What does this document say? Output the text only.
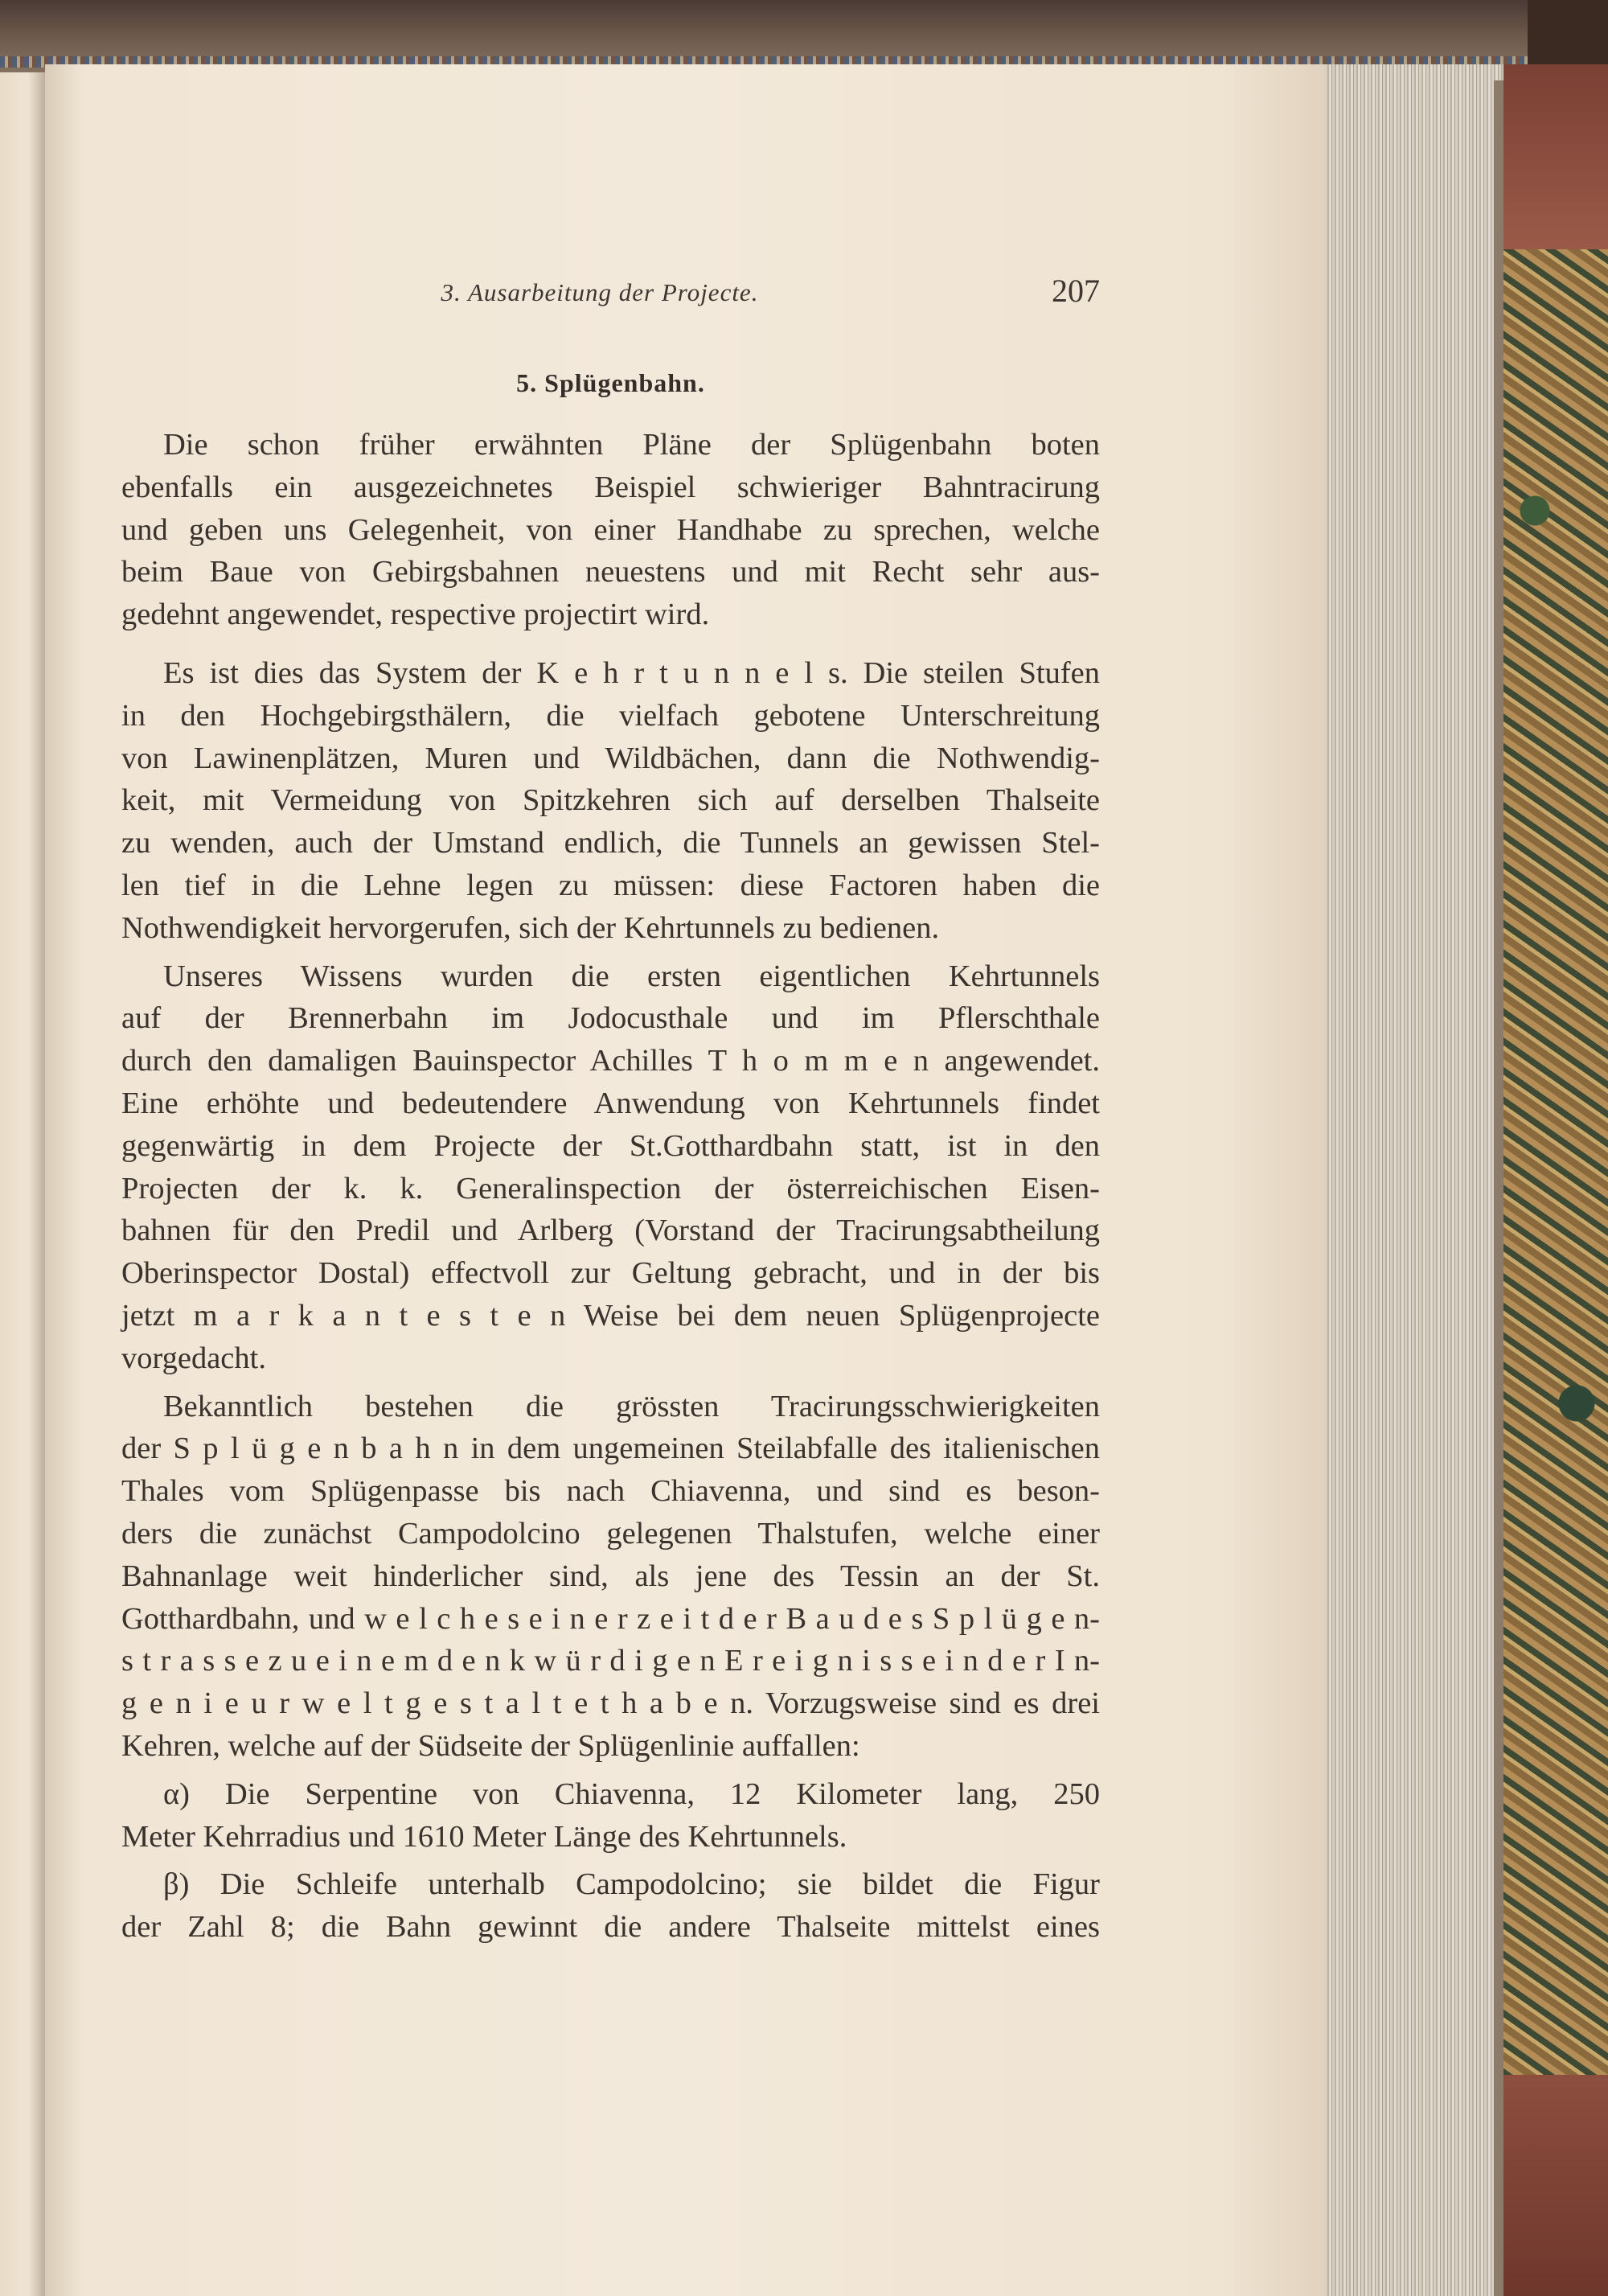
3. Ausarbeitung der Projecte.	207
5. Splügenbahn.
Die schon früher erwähnten Pläne der Splügenbahn boten
ebenfalls ein ausgezeichnetes Beispiel schwieriger Bahntracirung
und geben uns Gelegenheit, von einer Handhabe zu sprechen, welche
beim Baue von Gebirgsbahnen neuestens und mit Recht sehr aus-
gedehnt angewendet, respective projectirt wird.
Es ist dies das System der K e h r t u n n e l s. Die steilen Stufen
in den Hochgebirgsthälern, die vielfach gebotene Unterschreitung
von Lawinenplätzen, Muren und Wildbächen, dann die Nothwendig-
keit, mit Vermeidung von Spitzkehren sich auf derselben Thalseite
zu wenden, auch der Umstand endlich, die Tunnels an gewissen Stel-
len tief in die Lehne legen zu müssen: diese Factoren haben die
Nothwendigkeit hervorgerufen, sich der Kehrtunnels zu bedienen.
Unseres Wissens wurden die ersten eigentlichen Kehrtunnels
auf der Brennerbahn im Jodocusthale und im Pflerschthale
durch den damaligen Bauinspector Achilles T h o m m e n angewendet.
Eine erhöhte und bedeutendere Anwendung von Kehrtunnels findet
gegenwärtig in dem Projecte der St.Gotthardbahn statt, ist in den
Projecten der k. k. Generalinspection der österreichischen Eisen-
bahnen für den Predil und Arlberg (Vorstand der Tracirungsabtheilung
Oberinspector Dostal) effectvoll zur Geltung gebracht, und in der bis
jetzt m a r k a n t e s t e n Weise bei dem neuen Splügenprojecte
vorgedacht.
Bekanntlich bestehen die grössten Tracirungsschwierigkeiten
der S p l ü g e n b a h n in dem ungemeinen Steilabfalle des italienischen
Thales vom Splügenpasse bis nach Chiavenna, und sind es beson-
ders die zunächst Campodolcino gelegenen Thalstufen, welche einer
Bahnanlage weit hinderlicher sind, als jene des Tessin an der St.
Gotthardbahn, und w e l c h e s e i n e r z e i t d e r B a u d e s S p l ü g e n-
s t r a s s e z u e i n e m d e n k w ü r d i g e n E r e i g n i s s e i n d e r I n-
g e n i e u r w e l t g e s t a l t e t h a b e n. Vorzugsweise sind es drei
Kehren, welche auf der Südseite der Splügenlinie auffallen:
α) Die Serpentine von Chiavenna, 12 Kilometer lang, 250
Meter Kehrradius und 1610 Meter Länge des Kehrtunnels.
β) Die Schleife unterhalb Campodolcino; sie bildet die Figur
der Zahl 8; die Bahn gewinnt die andere Thalseite mittelst eines
